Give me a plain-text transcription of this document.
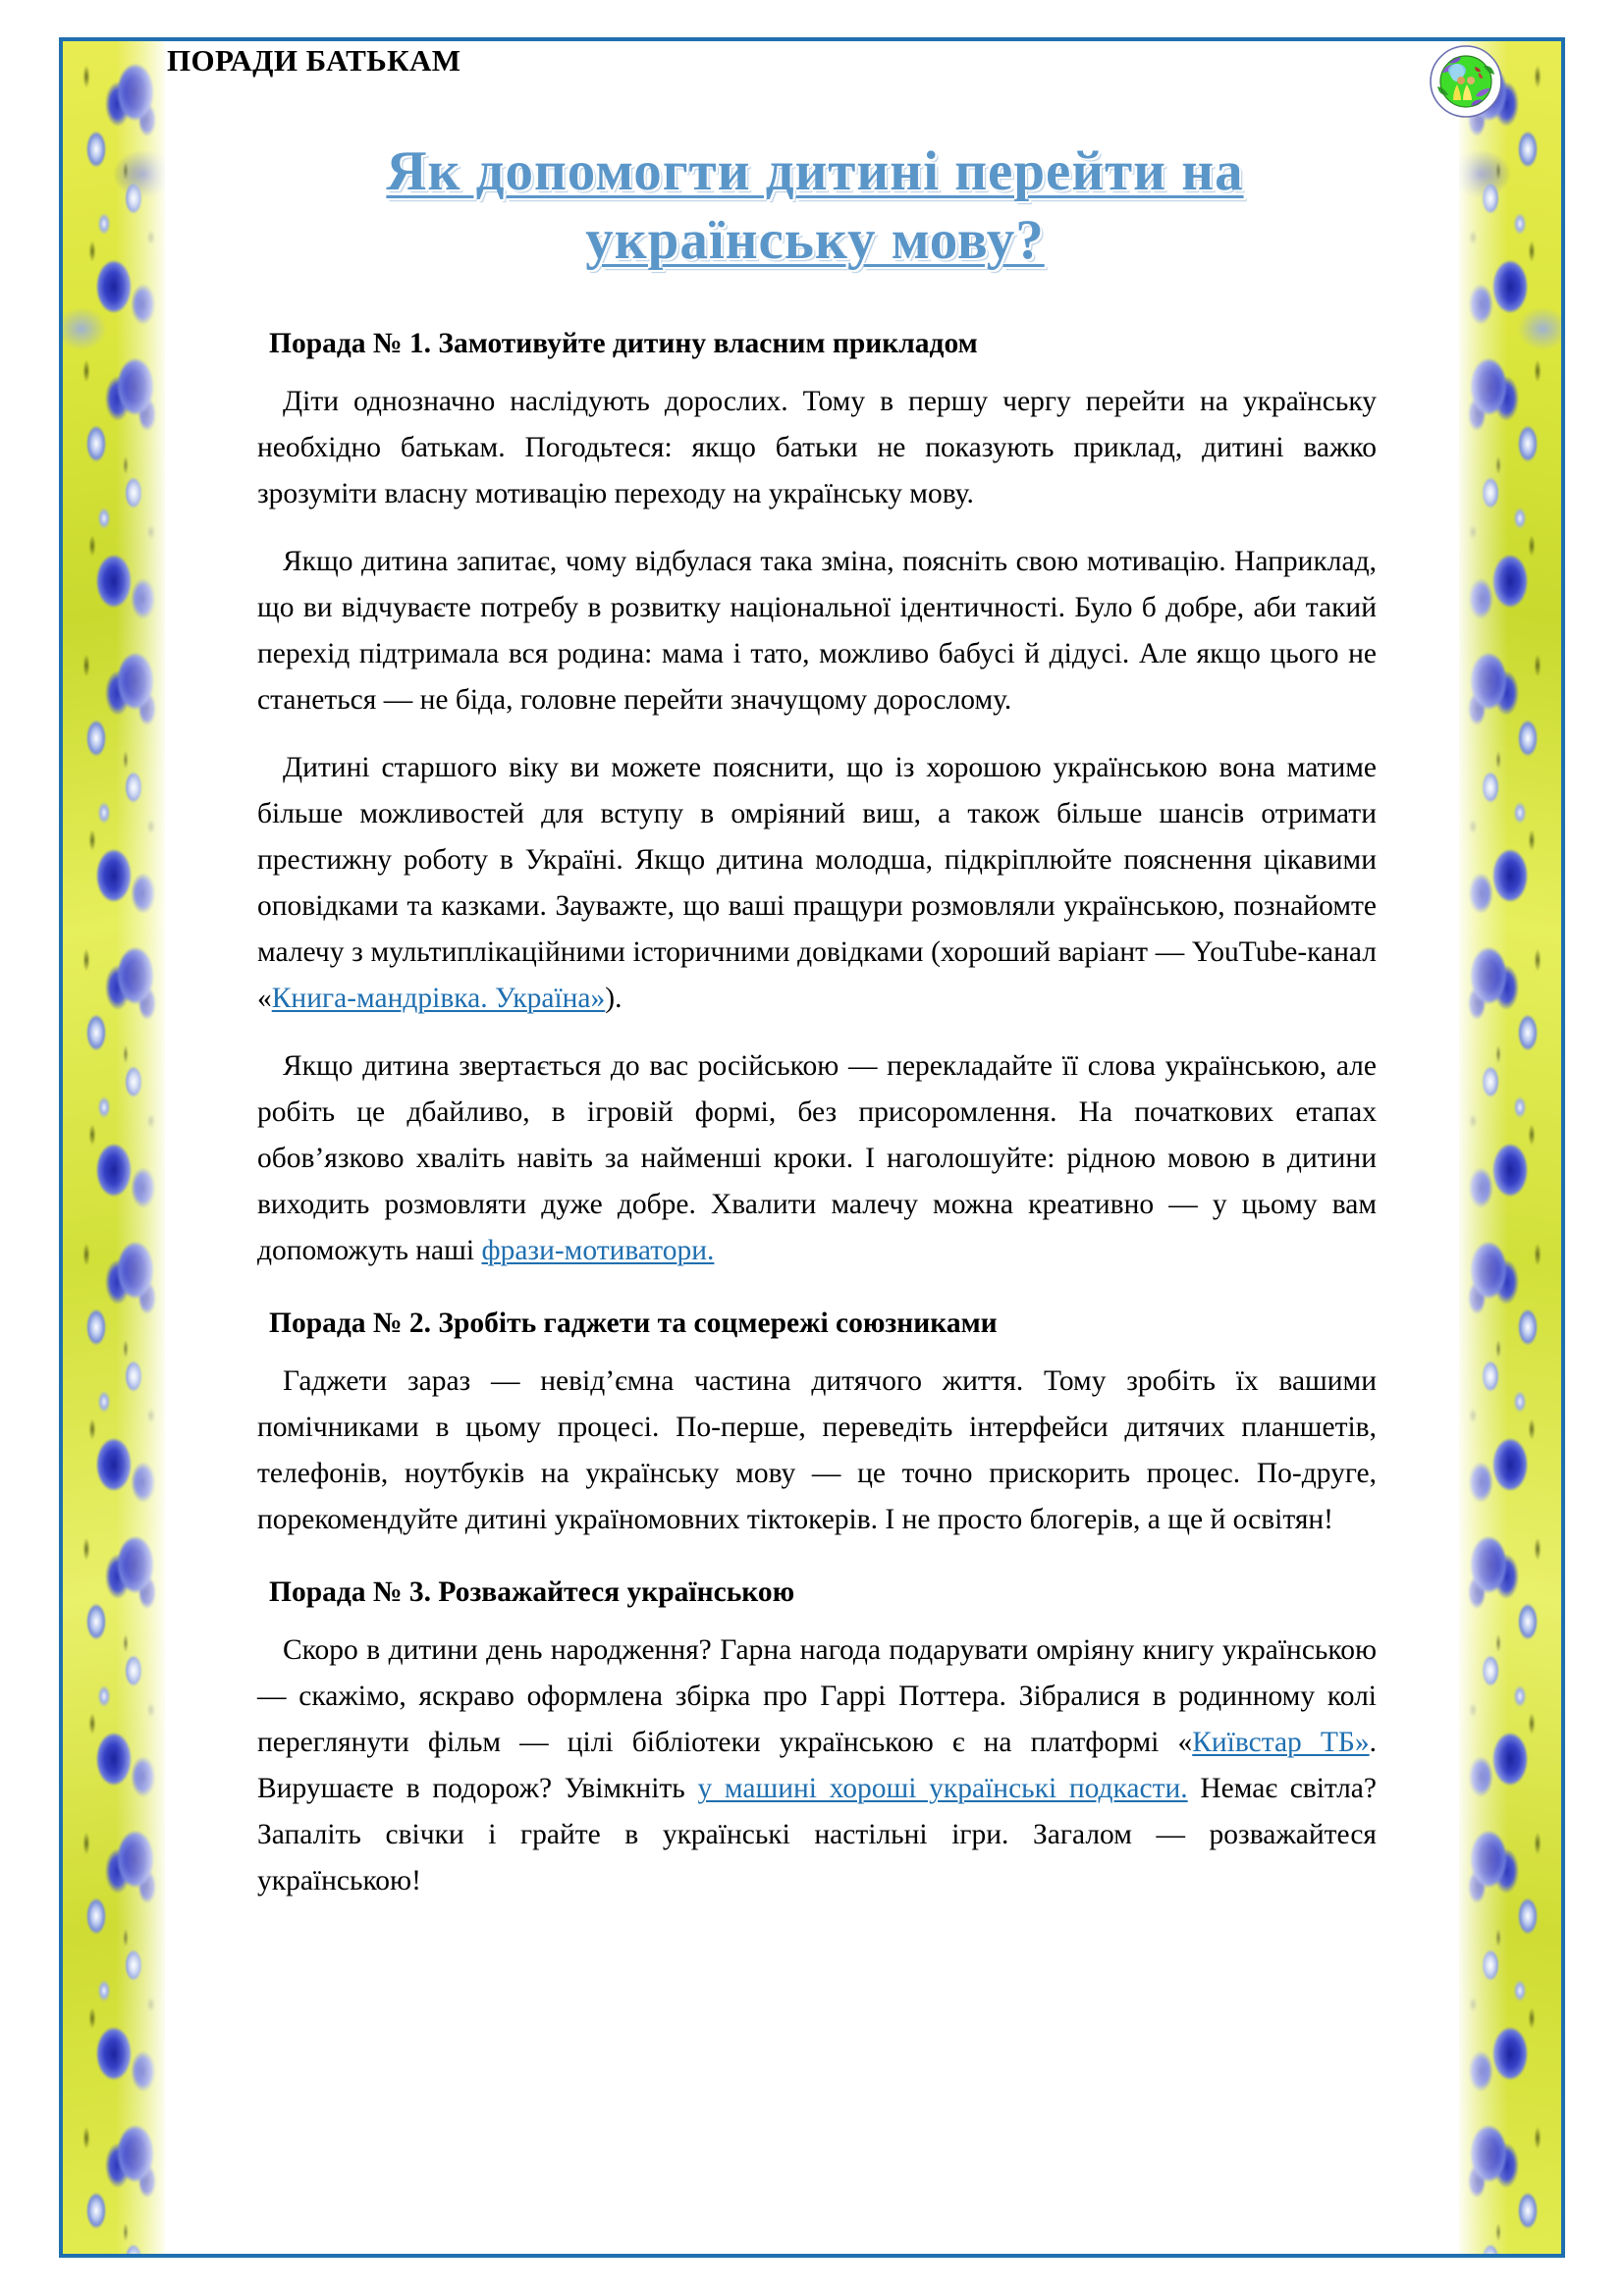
ПОРАДИ БАТЬКАМ
Як допомогти дитині перейти на
українську мову?
Порада № 1. Замотивуйте дитину власним прикладом

Діти однозначно наслідують дорослих. Тому в першу чергу перейти на українську необхідно батькам. Погодьтеся: якщо батьки не показують приклад, дитині важко зрозуміти власну мотивацію переходу на українську мову.

Якщо дитина запитає, чому відбулася така зміна, поясніть свою мотивацію. Наприклад, що ви відчуваєте потребу в розвитку національної ідентичності. Було б добре, аби такий перехід підтримала вся родина: мама і тато, можливо бабусі й дідусі. Але якщо цього не станеться — не біда, головне перейти значущому дорослому.

Дитині старшого віку ви можете пояснити, що із хорошою українською вона матиме більше можливостей для вступу в омріяний виш, а також більше шансів отримати престижну роботу в Україні. Якщо дитина молодша, підкріплюйте пояснення цікавими оповідками та казками. Зауважте, що ваші пращури розмовляли українською, познайомте малечу з мультиплікаційними історичними довідками (хороший варіант — YouTube-канал «Книга-мандрівка. Україна»).

Якщо дитина звертається до вас російською — перекладайте її слова українською, але робіть це дбайливо, в ігровій формі, без присоромлення. На початкових етапах обов’язково хваліть навіть за найменші кроки. І наголошуйте: рідною мовою в дитини виходить розмовляти дуже добре. Хвалити малечу можна креативно — у цьому вам допоможуть наші фрази-мотиватори.

Порада № 2. Зробіть гаджети та соцмережі союзниками

Гаджети зараз — невід’ємна частина дитячого життя. Тому зробіть їх вашими помічниками в цьому процесі. По-перше, переведіть інтерфейси дитячих планшетів, телефонів, ноутбуків на українську мову — це точно прискорить процес. По-друге, порекомендуйте дитині україномовних тіктокерів. І не просто блогерів, а ще й освітян!

Порада № 3. Розважайтеся українською

Скоро в дитини день народження? Гарна нагода подарувати омріяну книгу українською — скажімо, яскраво оформлена збірка про Гаррі Поттера. Зібралися в родинному колі переглянути фільм — цілі бібліотеки українською є на платформі «Київстар ТБ». Вирушаєте в подорож? Увімкніть у машині хороші українські подкасти. Немає світла? Запаліть свічки і грайте в українські настільні ігри. Загалом — розважайтеся українською!
